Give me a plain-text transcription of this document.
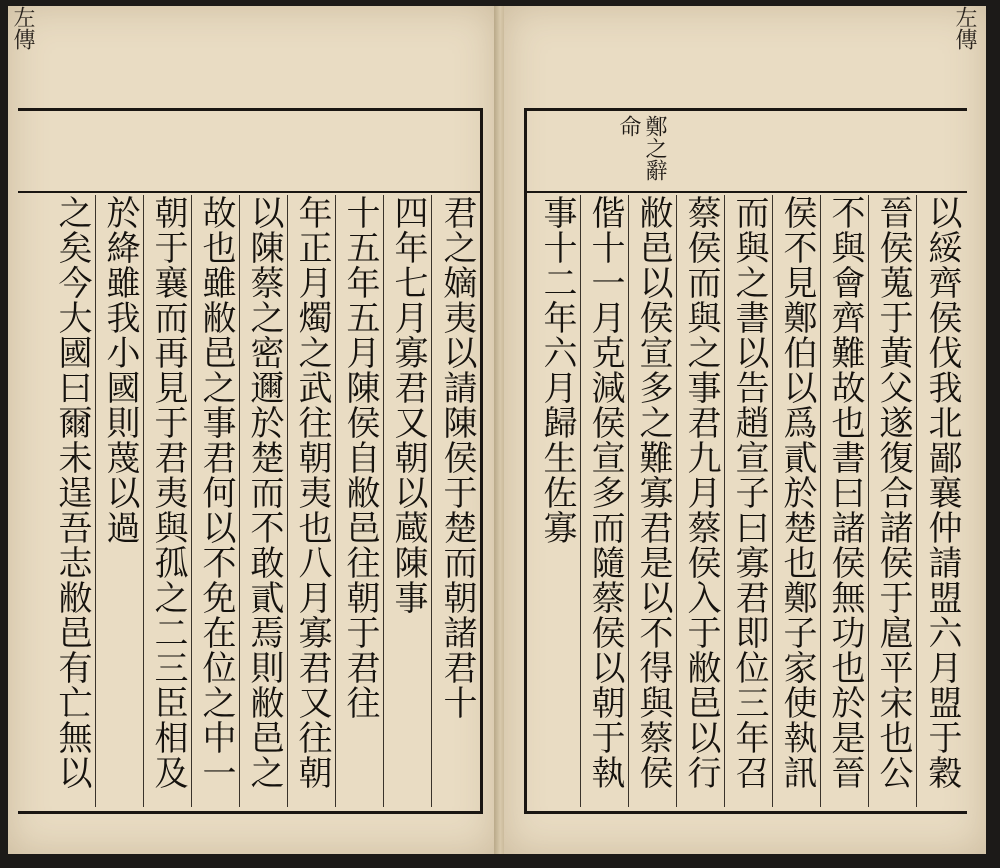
左傳
君之嫡夷以請陳侯于楚而朝諸君十
四年七月寡君又朝以蔵陳事
十五年五月陳侯自敝邑往朝于君往
年正月燭之武往朝夷也八月寡君又往朝
以陳蔡之密邇於楚而不敢貳焉則敝邑之
故也雖敝邑之事君何以不免在位之中一
朝于襄而再見于君夷與孤之二三臣相及
於絳雖我小國則蔑以過
之矣今大國曰爾未逞吾志敝邑有亡無以
左傳
鄭之辭命
以綏齊侯伐我北鄙襄仲請盟六月盟于穀
晉侯蒐于黃父遂復合諸侯于扈平宋也公
不與會齊難故也書曰諸侯無功也於是晉
侯不見鄭伯以爲貳於楚也鄭子家使執訊
而與之書以告趙宣子曰寡君即位三年召
蔡侯而與之事君九月蔡侯入于敝邑以行
敝邑以侯宣多之難寡君是以不得與蔡侯
偕十一月克減侯宣多而隨蔡侯以朝于執
事十二年六月歸生佐寡
